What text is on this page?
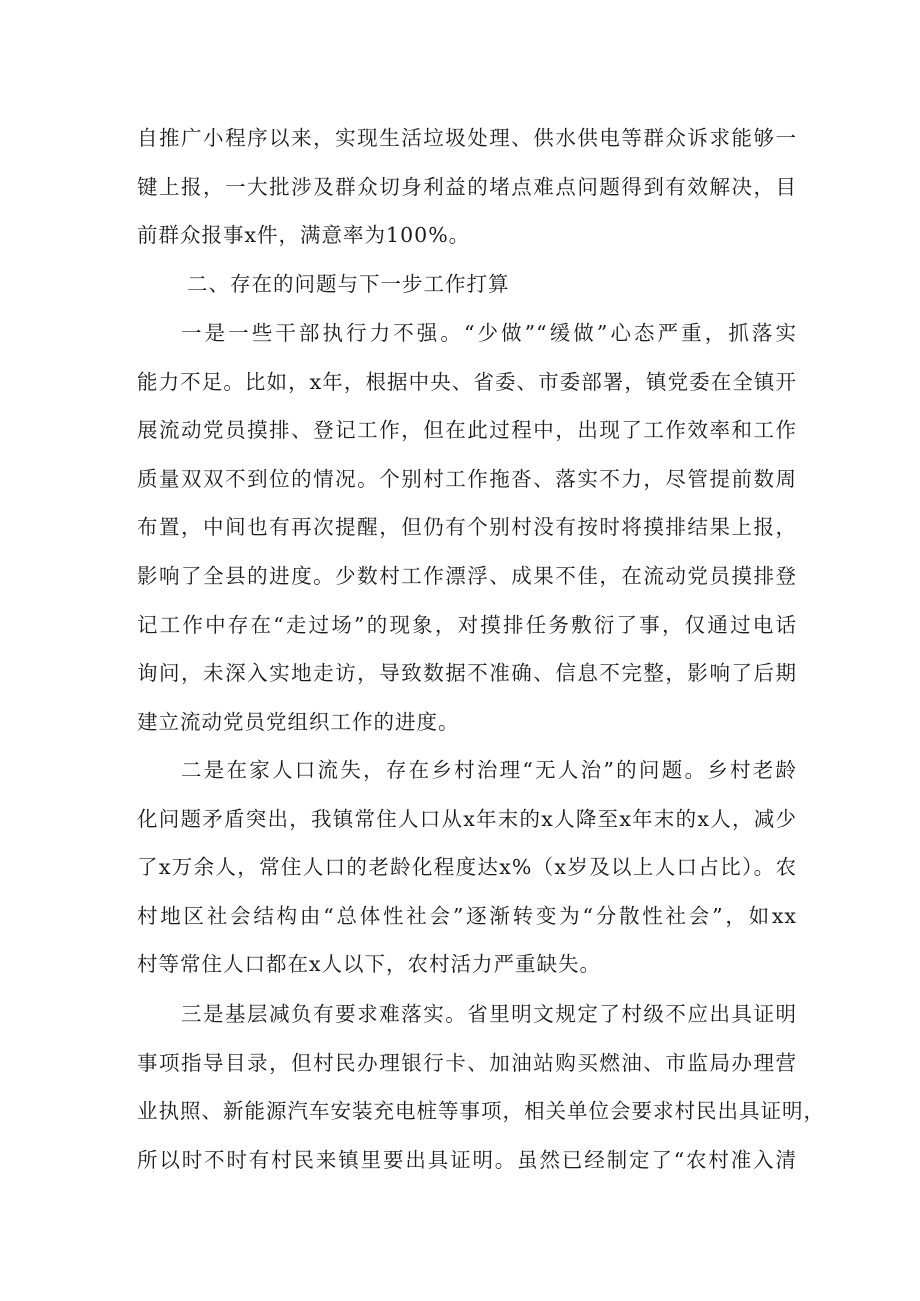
自推广小程序以来，实现生活垃圾处理、供水供电等群众诉求能够一
键上报，一大批涉及群众切身利益的堵点难点问题得到有效解决，目
前群众报事x件，满意率为100%。
二、存在的问题与下一步工作打算
一是一些干部执行力不强。“少做”“缓做”心态严重，抓落实
能力不足。比如，x年，根据中央、省委、市委部署，镇党委在全镇开
展流动党员摸排、登记工作，但在此过程中，出现了工作效率和工作
质量双双不到位的情况。个别村工作拖沓、落实不力，尽管提前数周
布置，中间也有再次提醒，但仍有个别村没有按时将摸排结果上报，
影响了全县的进度。少数村工作漂浮、成果不佳，在流动党员摸排登
记工作中存在“走过场”的现象，对摸排任务敷衍了事，仅通过电话
询问，未深入实地走访，导致数据不准确、信息不完整，影响了后期
建立流动党员党组织工作的进度。
二是在家人口流失，存在乡村治理“无人治”的问题。乡村老龄
化问题矛盾突出，我镇常住人口从x年末的x人降至x年末的x人，减少
了x万余人，常住人口的老龄化程度达x%（x岁及以上人口占比）。农
村地区社会结构由“总体性社会”逐渐转变为“分散性社会”，如xx
村等常住人口都在x人以下，农村活力严重缺失。
三是基层减负有要求难落实。省里明文规定了村级不应出具证明
事项指导目录，但村民办理银行卡、加油站购买燃油、市监局办理营
业执照、新能源汽车安装充电桩等事项，相关单位会要求村民出具证明，
所以时不时有村民来镇里要出具证明。虽然已经制定了“农村准入清
